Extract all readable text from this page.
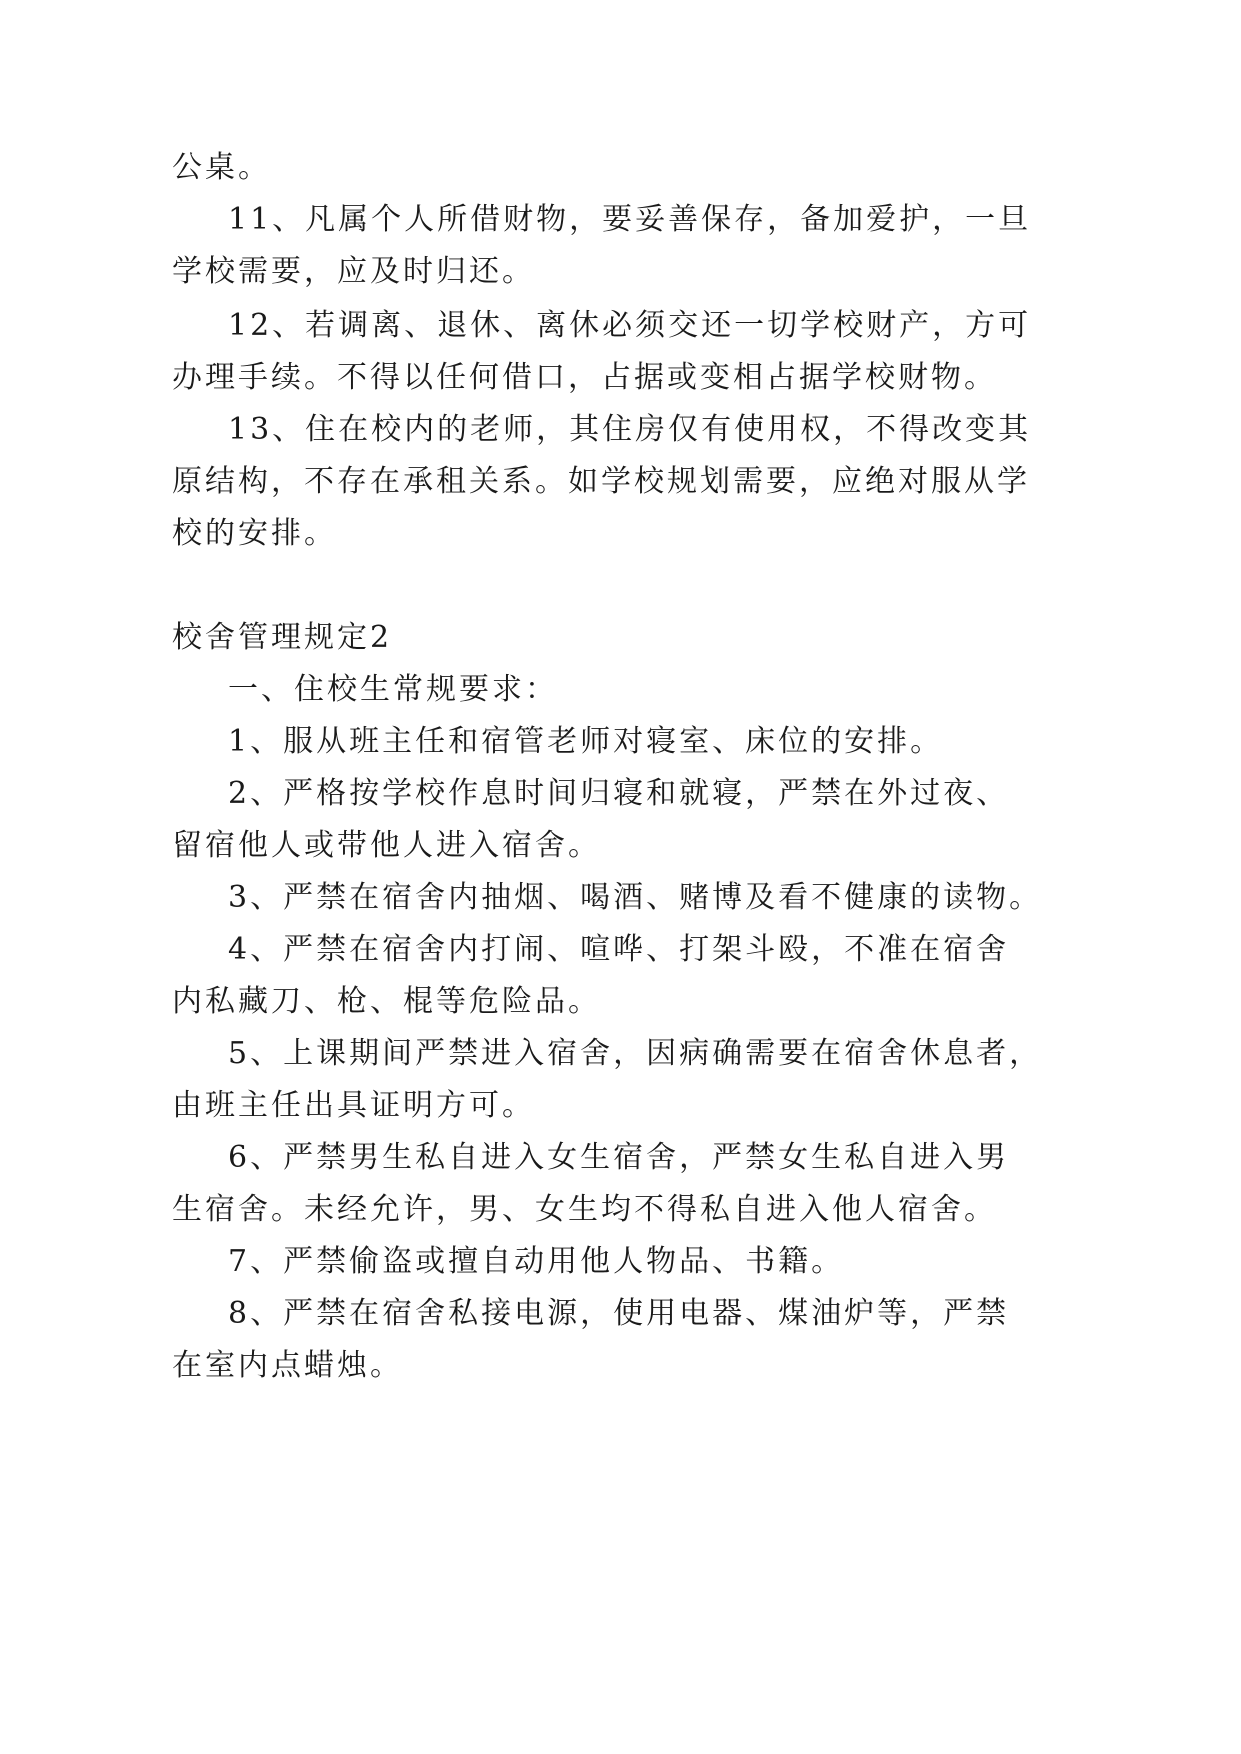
公桌。
11、凡属个人所借财物，要妥善保存，备加爱护，一旦
学校需要，应及时归还。
12、若调离、退休、离休必须交还一切学校财产，方可
办理手续。不得以任何借口，占据或变相占据学校财物。
13、住在校内的老师，其住房仅有使用权，不得改变其
原结构，不存在承租关系。如学校规划需要，应绝对服从学
校的安排。
校舍管理规定2
一、住校生常规要求：
1、服从班主任和宿管老师对寝室、床位的安排。
2、严格按学校作息时间归寝和就寝，严禁在外过夜、
留宿他人或带他人进入宿舍。
3、严禁在宿舍内抽烟、喝酒、赌博及看不健康的读物。
4、严禁在宿舍内打闹、喧哗、打架斗殴，不准在宿舍
内私藏刀、枪、棍等危险品。
5、上课期间严禁进入宿舍，因病确需要在宿舍休息者，
由班主任出具证明方可。
6、严禁男生私自进入女生宿舍，严禁女生私自进入男
生宿舍。未经允许，男、女生均不得私自进入他人宿舍。
7、严禁偷盗或擅自动用他人物品、书籍。
8、严禁在宿舍私接电源，使用电器、煤油炉等，严禁
在室内点蜡烛。
